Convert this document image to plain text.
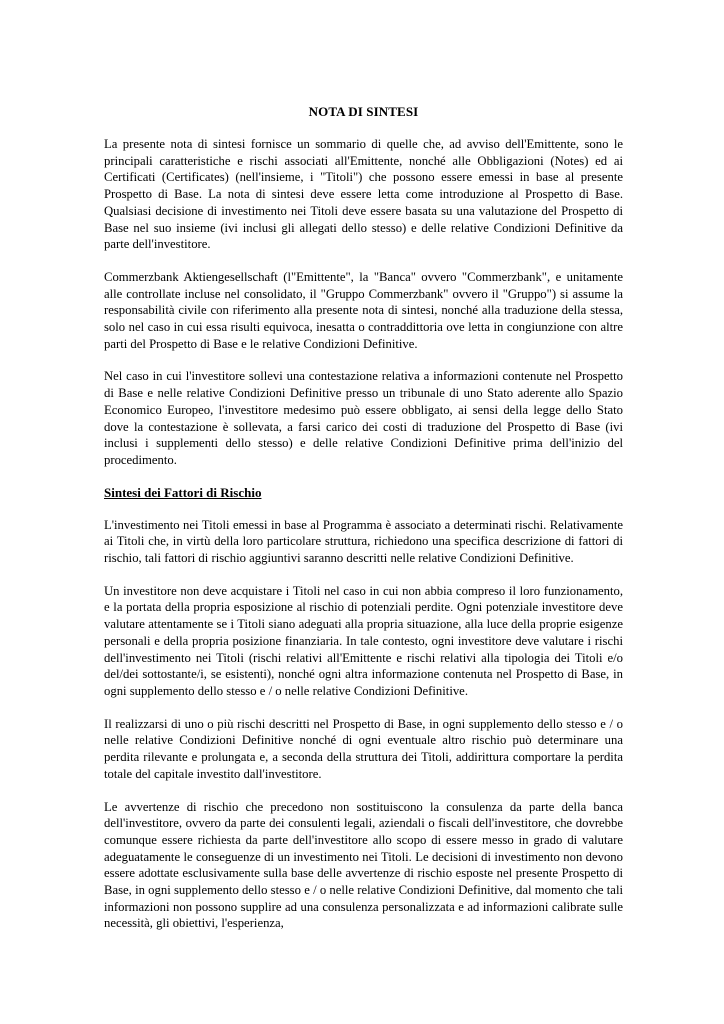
NOTA DI SINTESI

La presente nota di sintesi fornisce un sommario di quelle che, ad avviso dell'Emittente, sono le principali caratteristiche e rischi associati all'Emittente, nonché alle Obbligazioni (Notes) ed ai Certificati (Certificates) (nell'insieme, i "Titoli") che possono essere emessi in base al presente Prospetto di Base. La nota di sintesi deve essere letta come introduzione al Prospetto di Base. Qualsiasi decisione di investimento nei Titoli deve essere basata su una valutazione del Prospetto di Base nel suo insieme (ivi inclusi gli allegati dello stesso) e delle relative Condizioni Definitive da parte dell'investitore.

Commerzbank Aktiengesellschaft (l"Emittente", la "Banca" ovvero "Commerzbank", e unitamente alle controllate incluse nel consolidato, il "Gruppo Commerzbank" ovvero il "Gruppo") si assume la responsabilità civile con riferimento alla presente nota di sintesi, nonché alla traduzione della stessa, solo nel caso in cui essa risulti equivoca, inesatta o contraddittoria ove letta in congiunzione con altre parti del Prospetto di Base e le relative Condizioni Definitive.

Nel caso in cui l'investitore sollevi una contestazione relativa a informazioni contenute nel Prospetto di Base e nelle relative Condizioni Definitive presso un tribunale di uno Stato aderente allo Spazio Economico Europeo, l'investitore medesimo può essere obbligato, ai sensi della legge dello Stato dove la contestazione è sollevata, a farsi carico dei costi di traduzione del Prospetto di Base (ivi inclusi i supplementi dello stesso) e delle relative Condizioni Definitive prima dell'inizio del procedimento.

Sintesi dei Fattori di Rischio

L'investimento nei Titoli emessi in base al Programma è associato a determinati rischi. Relativamente ai Titoli che, in virtù della loro particolare struttura, richiedono una specifica descrizione di fattori di rischio, tali fattori di rischio aggiuntivi saranno descritti nelle relative Condizioni Definitive.

Un investitore non deve acquistare i Titoli nel caso in cui non abbia compreso il loro funzionamento, e la portata della propria esposizione al rischio di potenziali perdite. Ogni potenziale investitore deve valutare attentamente se i Titoli siano adeguati alla propria situazione, alla luce della proprie esigenze personali e della propria posizione finanziaria. In tale contesto, ogni investitore deve valutare i rischi dell'investimento nei Titoli (rischi relativi all'Emittente e rischi relativi alla tipologia dei Titoli e/o del/dei sottostante/i, se esistenti), nonché ogni altra informazione contenuta nel Prospetto di Base, in ogni supplemento dello stesso e / o nelle relative Condizioni Definitive.

Il realizzarsi di uno o più rischi descritti nel Prospetto di Base, in ogni supplemento dello stesso e / o nelle relative Condizioni Definitive nonché di ogni eventuale altro rischio può determinare una perdita rilevante e prolungata e, a seconda della struttura dei Titoli, addirittura comportare la perdita totale del capitale investito dall'investitore.

Le avvertenze di rischio che precedono non sostituiscono la consulenza da parte della banca dell'investitore, ovvero da parte dei consulenti legali, aziendali o fiscali dell'investitore, che dovrebbe comunque essere richiesta da parte dell'investitore allo scopo di essere messo in grado di valutare adeguatamente le conseguenze di un investimento nei Titoli. Le decisioni di investimento non devono essere adottate esclusivamente sulla base delle avvertenze di rischio esposte nel presente Prospetto di Base, in ogni supplemento dello stesso e / o nelle relative Condizioni Definitive, dal momento che tali informazioni non possono supplire ad una consulenza personalizzata e ad informazioni calibrate sulle necessità, gli obiettivi, l'esperienza,
